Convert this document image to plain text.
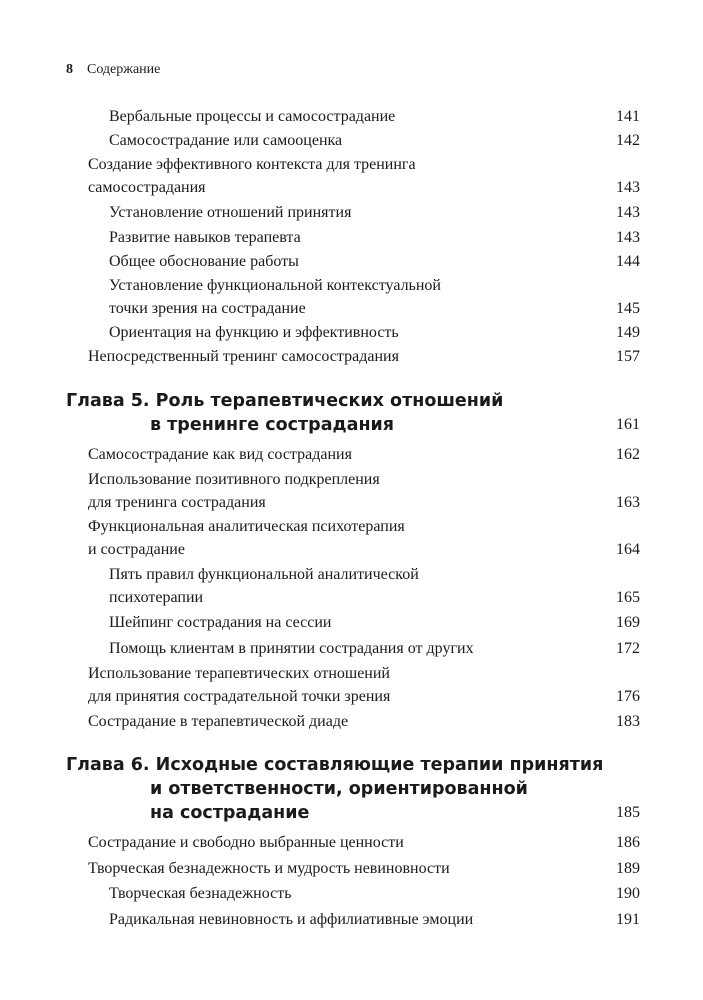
8 Содержание
Вербальные процессы и самосострадание	141
Самосострадание или самооценка	142
Создание эффективного контекста для тренинга
самосострадания	143
Установление отношений принятия	143
Развитие навыков терапевта	143
Общее обоснование работы	144
Установление функциональной контекстуальной
точки зрения на сострадание	145
Ориентация на функцию и эффективность	149
Непосредственный тренинг самосострадания	157
Глава 5. Роль терапевтических отношений
в тренинге сострадания	161
Самосострадание как вид сострадания	162
Использование позитивного подкрепления
для тренинга сострадания	163
Функциональная аналитическая психотерапия
и сострадание	164
Пять правил функциональной аналитической
психотерапии	165
Шейпинг сострадания на сессии	169
Помощь клиентам в принятии сострадания от других	172
Использование терапевтических отношений
для принятия сострадательной точки зрения	176
Сострадание в терапевтической диаде	183
Глава 6. Исходные составляющие терапии принятия
и ответственности, ориентированной
на сострадание	185
Сострадание и свободно выбранные ценности	186
Творческая безнадежность и мудрость невиновности	189
Творческая безнадежность	190
Радикальная невиновность и аффилиативные эмоции	191
